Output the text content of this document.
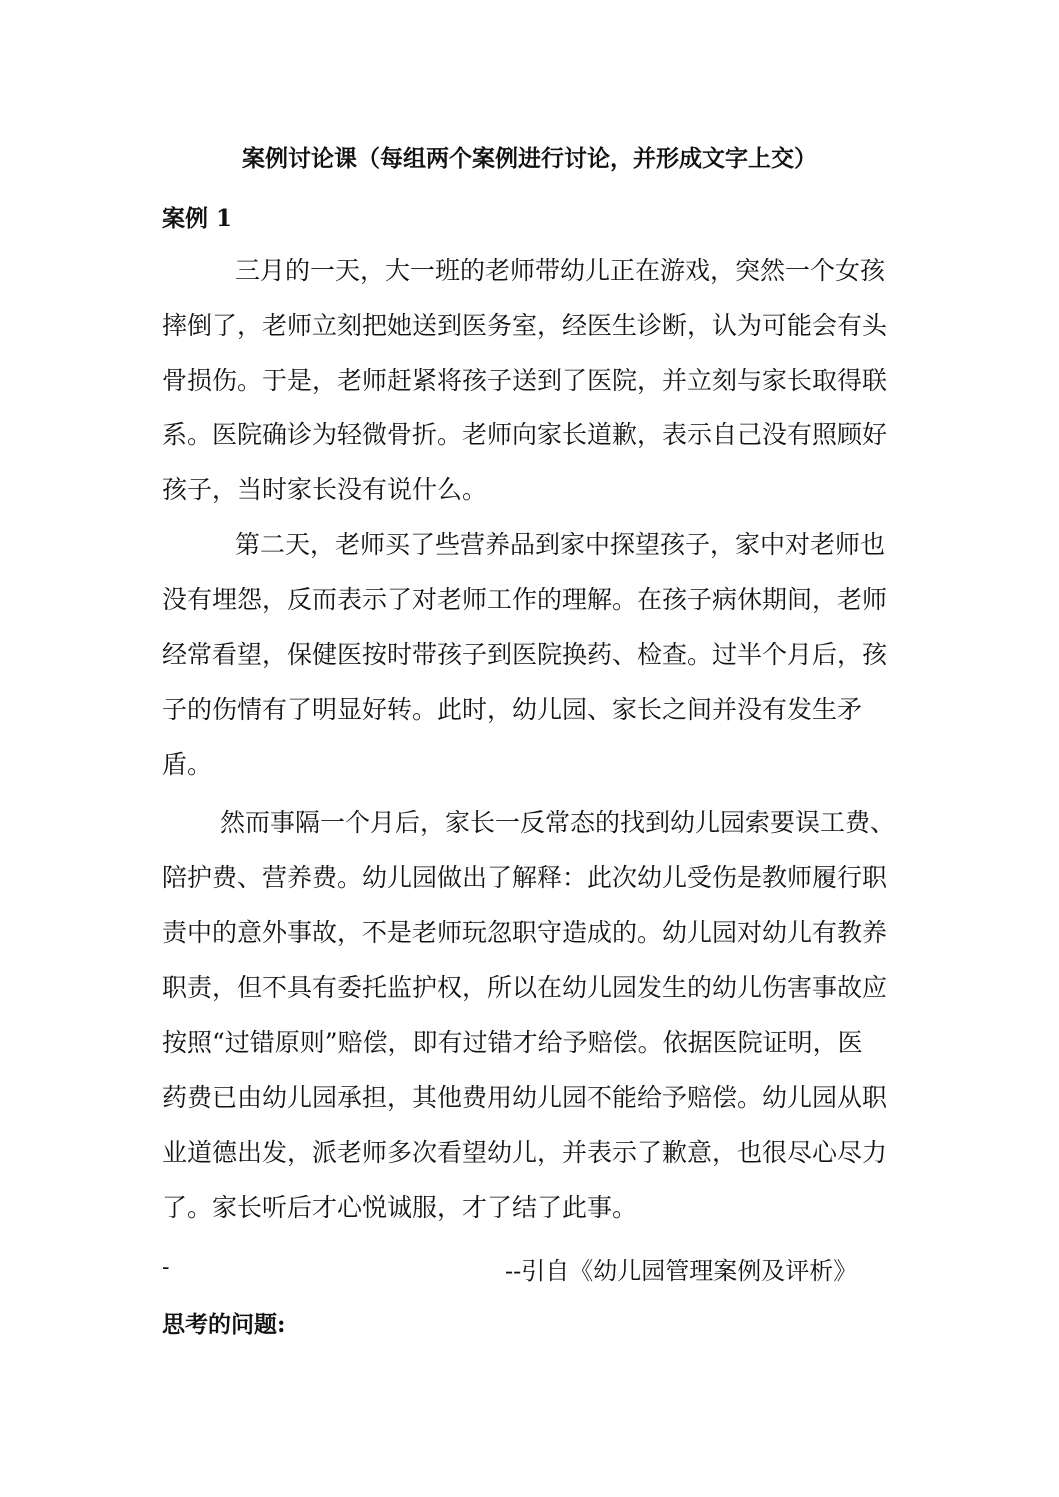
案例讨论课（每组两个案例进行讨论，并形成文字上交）
案例 1
三月的一天，大一班的老师带幼儿正在游戏，突然一个女孩
摔倒了，老师立刻把她送到医务室，经医生诊断，认为可能会有头
骨损伤。于是，老师赶紧将孩子送到了医院，并立刻与家长取得联
系。医院确诊为轻微骨折。老师向家长道歉，表示自己没有照顾好
孩子，当时家长没有说什么。
第二天，老师买了些营养品到家中探望孩子，家中对老师也
没有埋怨，反而表示了对老师工作的理解。在孩子病休期间，老师
经常看望，保健医按时带孩子到医院换药、检查。过半个月后，孩
子的伤情有了明显好转。此时，幼儿园、家长之间并没有发生矛
盾。
然而事隔一个月后，家长一反常态的找到幼儿园索要误工费、
陪护费、营养费。幼儿园做出了解释：此次幼儿受伤是教师履行职
责中的意外事故，不是老师玩忽职守造成的。幼儿园对幼儿有教养
职责，但不具有委托监护权，所以在幼儿园发生的幼儿伤害事故应
按照“过错原则”赔偿，即有过错才给予赔偿。依据医院证明，医
药费已由幼儿园承担，其他费用幼儿园不能给予赔偿。幼儿园从职
业道德出发，派老师多次看望幼儿，并表示了歉意，也很尽心尽力
了。家长听后才心悦诚服，才了结了此事。
-	--引自《幼儿园管理案例及评析》
思考的问题:
